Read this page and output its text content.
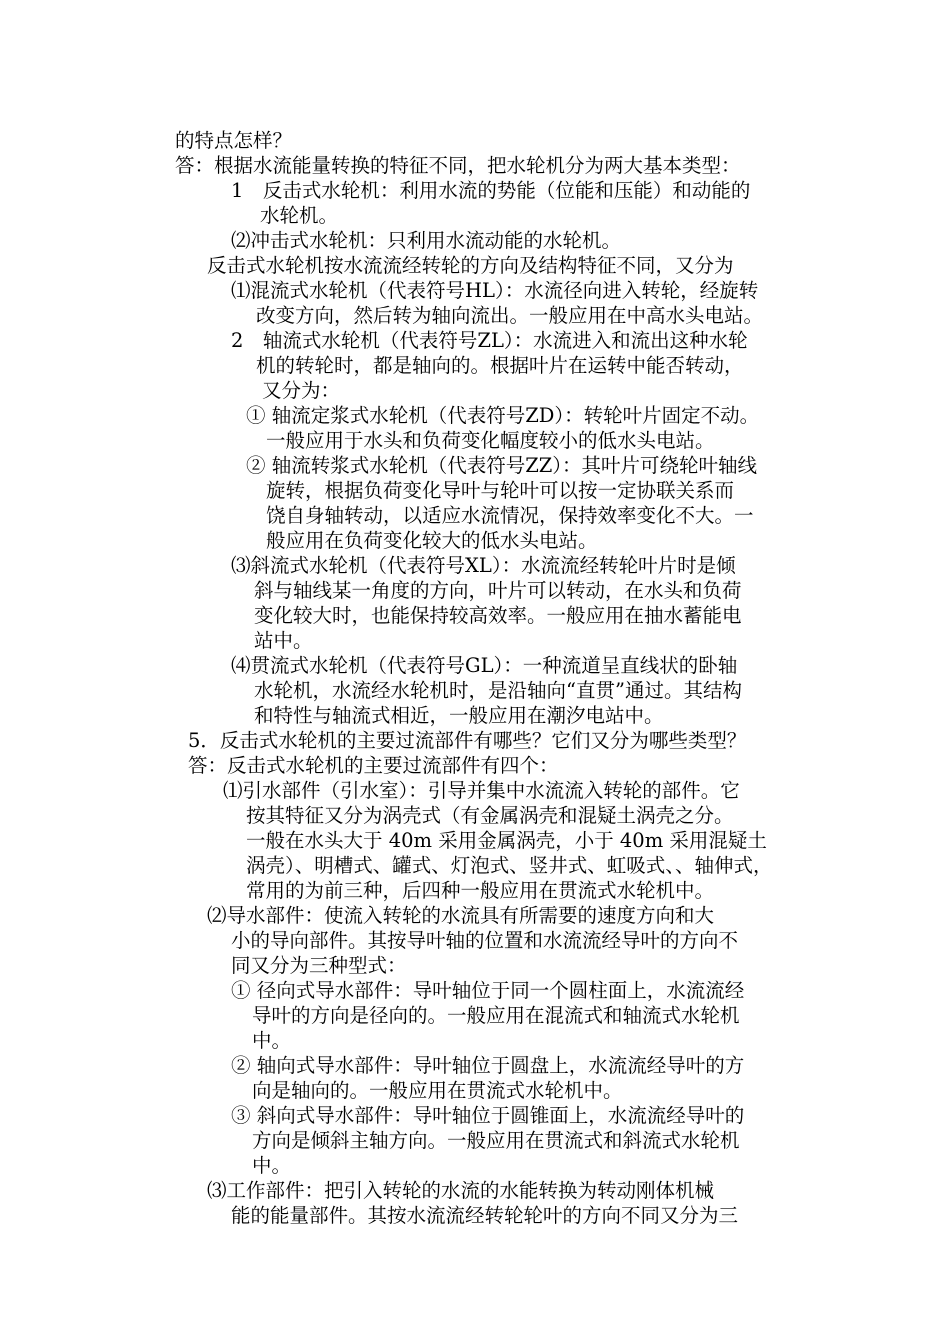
的特点怎样？
答：根据水流能量转换的特征不同，把水轮机分为两大基本类型：
1　反击式水轮机：利用水流的势能（位能和压能）和动能的
水轮机。
⑵冲击式水轮机：只利用水流动能的水轮机。
反击式水轮机按水流流经转轮的方向及结构特征不同，又分为
⑴混流式水轮机（代表符号HL）：水流径向进入转轮，经旋转
改变方向，然后转为轴向流出。一般应用在中高水头电站。
2　轴流式水轮机（代表符号ZL）：水流进入和流出这种水轮
机的转轮时，都是轴向的。根据叶片在运转中能否转动，
又分为：
① 轴流定浆式水轮机（代表符号ZD）：转轮叶片固定不动。
一般应用于水头和负荷变化幅度较小的低水头电站。
② 轴流转浆式水轮机（代表符号ZZ）：其叶片可绕轮叶轴线
旋转，根据负荷变化导叶与轮叶可以按一定协联关系而
饶自身轴转动，以适应水流情况，保持效率变化不大。一
般应用在负荷变化较大的低水头电站。
⑶斜流式水轮机（代表符号XL）：水流流经转轮叶片时是倾
斜与轴线某一角度的方向，叶片可以转动，在水头和负荷
变化较大时，也能保持较高效率。一般应用在抽水蓄能电
站中。
⑷贯流式水轮机（代表符号GL）：一种流道呈直线状的卧轴
水轮机，水流经水轮机时，是沿轴向“直贯”通过。其结构
和特性与轴流式相近，一般应用在潮汐电站中。
5．反击式水轮机的主要过流部件有哪些？它们又分为哪些类型？
答：反击式水轮机的主要过流部件有四个：
⑴引水部件（引水室）：引导并集中水流流入转轮的部件。它
按其特征又分为涡壳式（有金属涡壳和混疑土涡壳之分。
一般在水头大于 40m 采用金属涡壳，小于 40m 采用混疑土
涡壳）、明槽式、罐式、灯泡式、竖井式、虹吸式、、轴伸式，
常用的为前三种，后四种一般应用在贯流式水轮机中。
⑵导水部件：使流入转轮的水流具有所需要的速度方向和大
小的导向部件。其按导叶轴的位置和水流流经导叶的方向不
同又分为三种型式：
① 径向式导水部件：导叶轴位于同一个圆柱面上，水流流经
导叶的方向是径向的。一般应用在混流式和轴流式水轮机
中。
② 轴向式导水部件：导叶轴位于圆盘上，水流流经导叶的方
向是轴向的。一般应用在贯流式水轮机中。
③ 斜向式导水部件：导叶轴位于圆锥面上，水流流经导叶的
方向是倾斜主轴方向。一般应用在贯流式和斜流式水轮机
中。
⑶工作部件：把引入转轮的水流的水能转换为转动刚体机械
能的能量部件。其按水流流经转轮轮叶的方向不同又分为三
